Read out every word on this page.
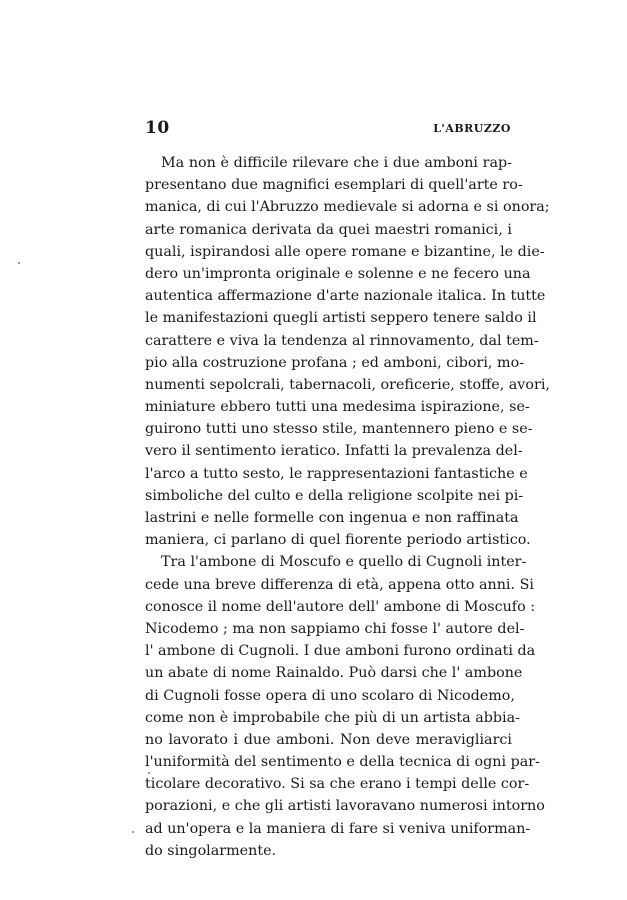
10	L'ABRUZZO
Ma non è difficile rilevare che i due amboni rap-
presentano due magnifici esemplari di quell'arte ro-
manica, di cui l'Abruzzo medievale si adorna e si onora;
arte romanica derivata da quei maestri romanici, i
quali, ispirandosi alle opere romane e bizantine, le die-
dero un'impronta originale e solenne e ne fecero una
autentica affermazione d'arte nazionale italica. In tutte
le manifestazioni quegli artisti seppero tenere saldo il
carattere e viva la tendenza al rinnovamento, dal tem-
pio alla costruzione profana ; ed amboni, cibori, mo-
numenti sepolcrali, tabernacoli, oreficerie, stoffe, avori,
miniature ebbero tutti una medesima ispirazione, se-
guirono tutti uno stesso stile, mantennero pieno e se-
vero il sentimento ieratico. Infatti la prevalenza del-
l'arco a tutto sesto, le rappresentazioni fantastiche e
simboliche del culto e della religione scolpite nei pi-
lastrini e nelle formelle con ingenua e non raffinata
maniera, ci parlano di quel fiorente periodo artistico.
Tra l'ambone di Moscufo e quello di Cugnoli inter-
cede una breve differenza di età, appena otto anni. Si
conosce il nome dell'autore dell' ambone di Moscufo :
Nicodemo ; ma non sappiamo chi fosse l' autore del-
l' ambone di Cugnoli. I due amboni furono ordinati da
un abate di nome Rainaldo. Può darsi che l' ambone
di Cugnoli fosse opera di uno scolaro di Nicodemo,
come non è improbabile che più di un artista abbia-
no lavorato i due amboni. Non deve meravigliarci
l'uniformità del sentimento e della tecnica di ogni par-
ticolare decorativo. Si sa che erano i tempi delle cor-
porazioni, e che gli artisti lavoravano numerosi intorno
ad un'opera e la maniera di fare si veniva uniforman-
do singolarmente.
